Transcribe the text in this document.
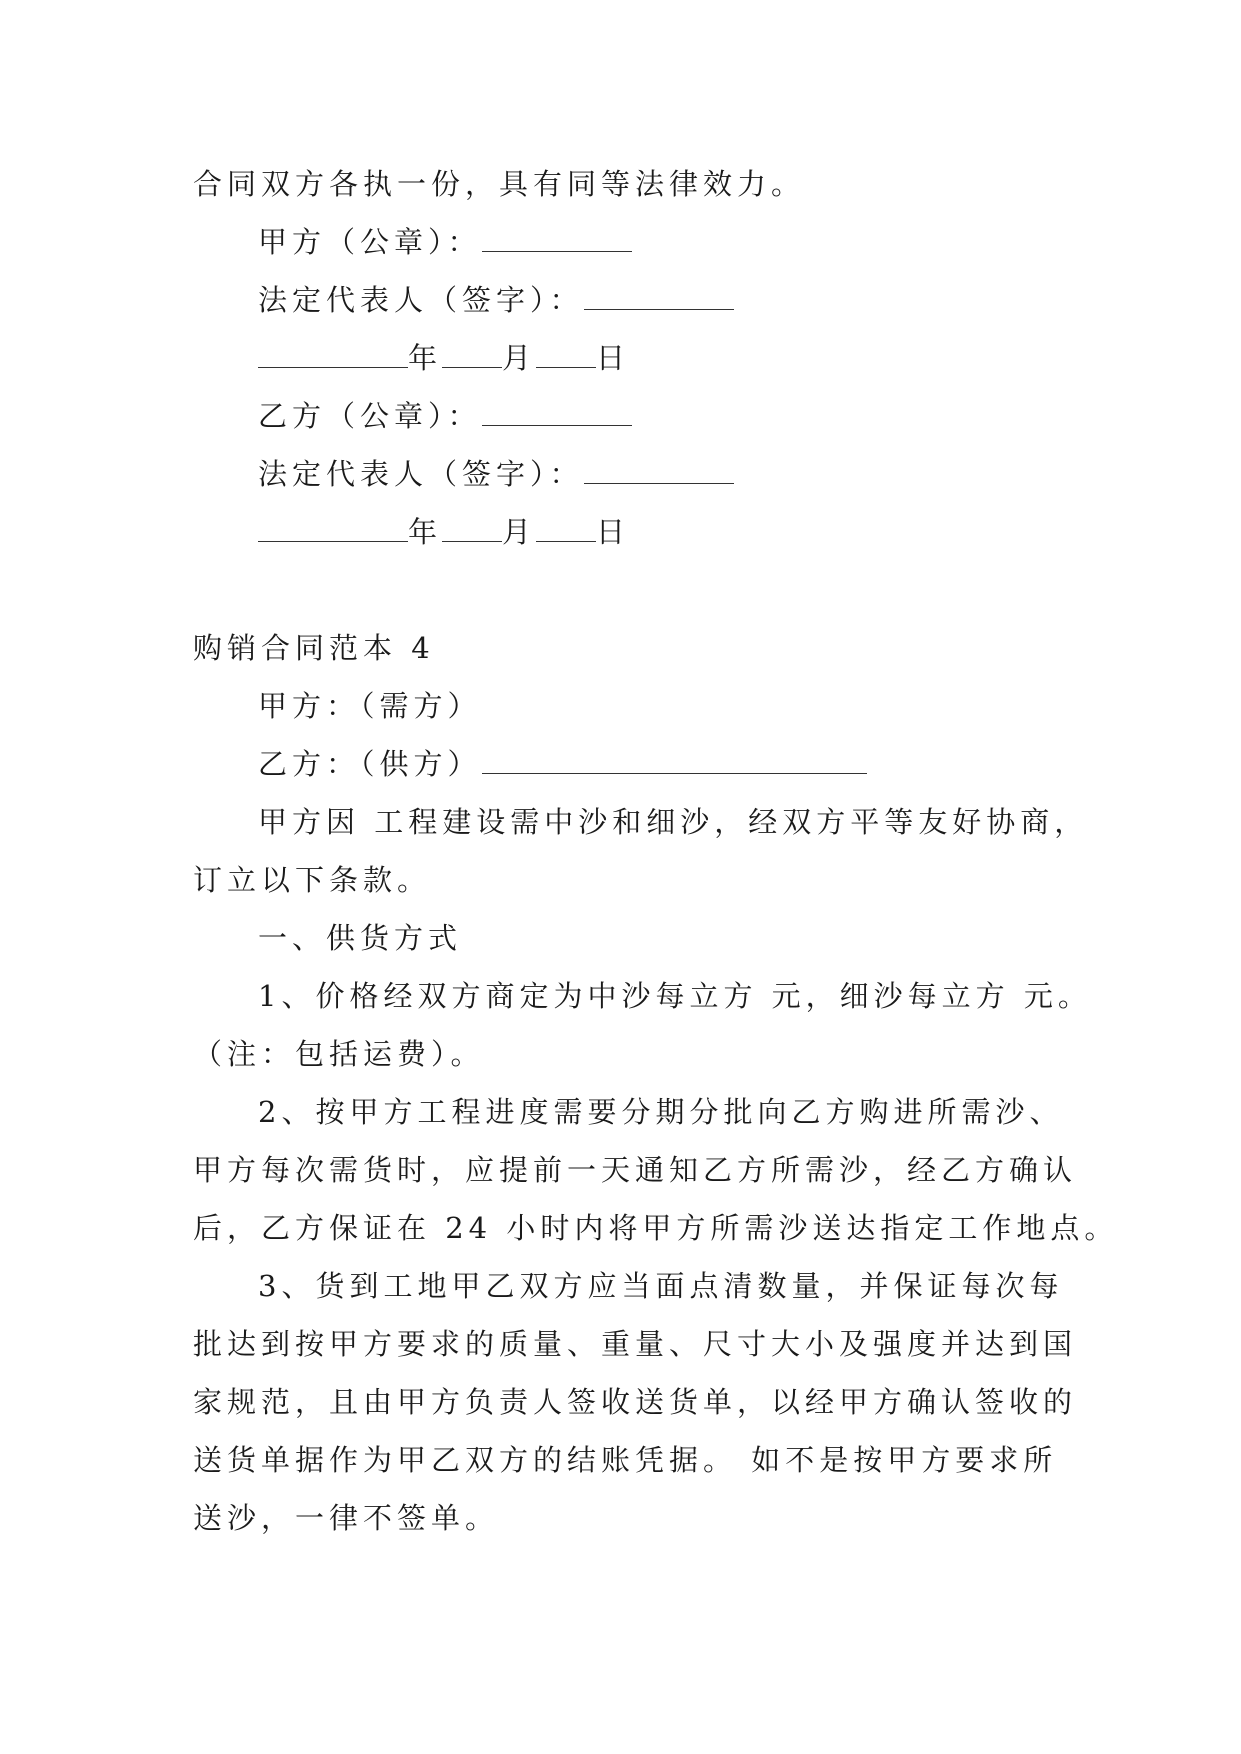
合同双方各执一份，具有同等法律效力。
甲方（公章）：
法定代表人（签字）：
年 月 日
乙方（公章）：
法定代表人（签字）：
年 月 日
购销合同范本 4
甲方：（需方）
乙方：（供方）
甲方因 工程建设需中沙和细沙，经双方平等友好协商，
订立以下条款。
一、供货方式
1、价格经双方商定为中沙每立方 元，细沙每立方 元。
（注：包括运费）。
2、按甲方工程进度需要分期分批向乙方购进所需沙、
甲方每次需货时，应提前一天通知乙方所需沙，经乙方确认
后，乙方保证在 24 小时内将甲方所需沙送达指定工作地点。
3、货到工地甲乙双方应当面点清数量，并保证每次每
批达到按甲方要求的质量、重量、尺寸大小及强度并达到国
家规范，且由甲方负责人签收送货单，以经甲方确认签收的
送货单据作为甲乙双方的结账凭据。 如不是按甲方要求所
送沙，一律不签单。
